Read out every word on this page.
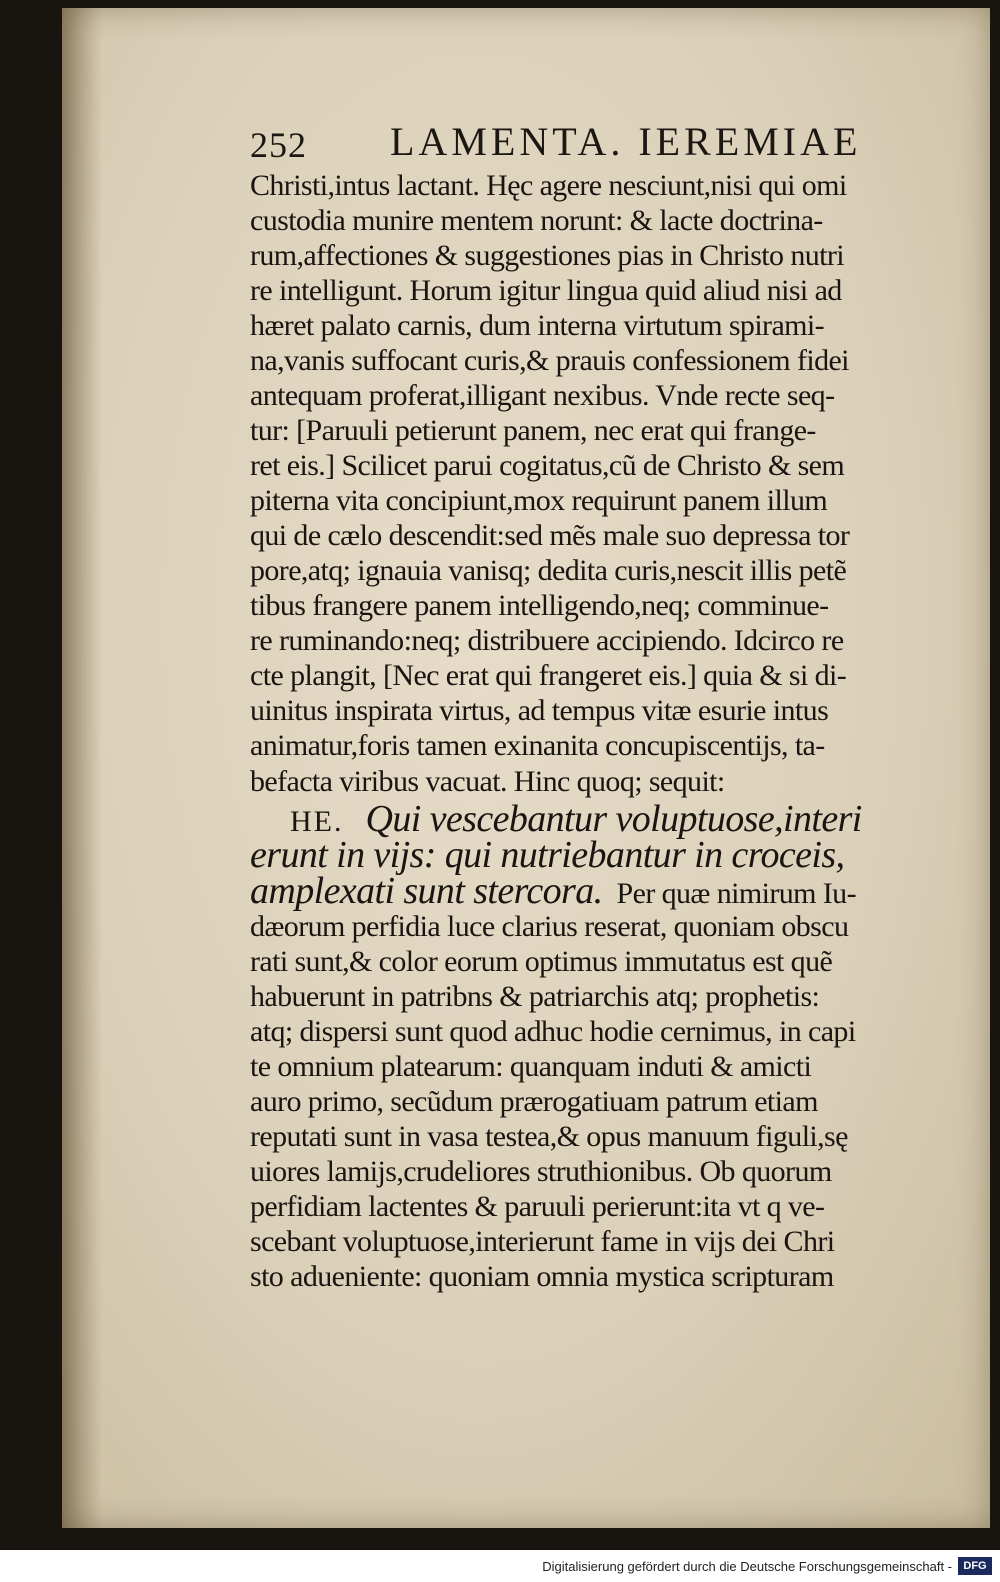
252 LAMENTA. IEREMIAE
Christi,intus lactant. Hęc agere nesciunt,nisi qui omi
custodia munire mentem norunt: & lacte doctrina-
rum,affectiones & suggestiones pias in Christo nutri
re intelligunt. Horum igitur lingua quid aliud nisi ad
hæret palato carnis, dum interna virtutum spirami-
na,vanis suffocant curis,& prauis confessionem fidei
antequam proferat,illigant nexibus. Vnde recte seq-
tur: [Paruuli petierunt panem, nec erat qui frange-
ret eis.] Scilicet parui cogitatus,cũ de Christo & sem
piterna vita concipiunt,mox requirunt panem illum
qui de cælo descendit:sed mẽs male suo depressa tor
pore,atq; ignauia vanisq; dedita curis,nescit illis petẽ
tibus frangere panem intelligendo,neq; comminue-
re ruminando:neq; distribuere accipiendo. Idcirco re
cte plangit, [Nec erat qui frangeret eis.] quia & si di-
uinitus inspirata virtus, ad tempus vitæ esurie intus
animatur,foris tamen exinanita concupiscentijs, ta-
befacta viribus vacuat. Hinc quoq; sequit:
HE. Qui vescebantur voluptuose,interi
erunt in vijs: qui nutriebantur in croceis,
amplexati sunt stercora. Per quæ nimirum Iu-
dæorum perfidia luce clarius reserat, quoniam obscu
rati sunt,& color eorum optimus immutatus est quẽ
habuerunt in patribns & patriarchis atq; prophetis:
atq; dispersi sunt quod adhuc hodie cernimus, in capi
te omnium platearum: quanquam induti & amicti
auro primo, secũdum prærogatiuam patrum etiam
reputati sunt in vasa testea,& opus manuum figuli,sę
uiores lamijs,crudeliores struthionibus. Ob quorum
perfidiam lactentes & paruuli perierunt:ita vt q ve-
scebant voluptuose,interierunt fame in vijs dei Chri
sto adueniente: quoniam omnia mystica scripturam
Digitalisierung gefördert durch die Deutsche Forschungsgemeinschaft -	DFG
